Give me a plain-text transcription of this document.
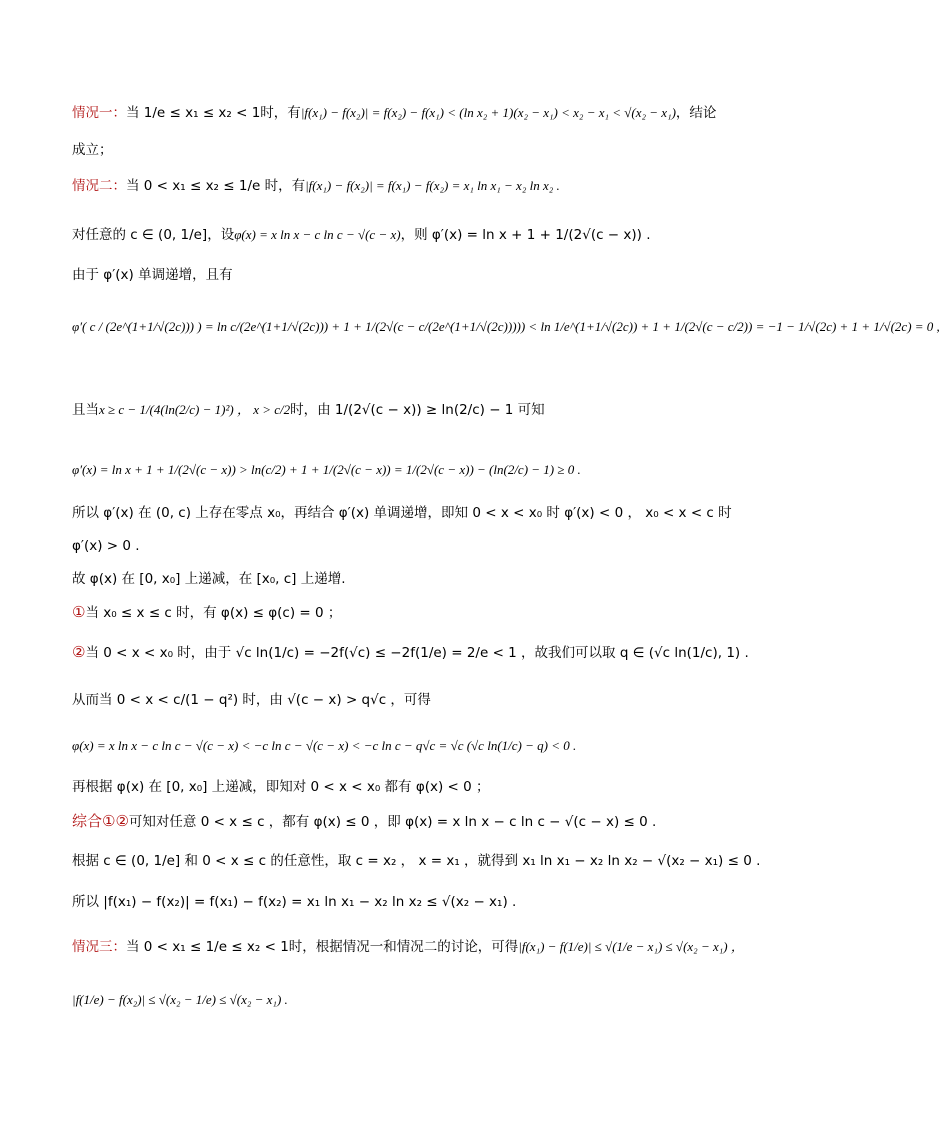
情况一：当 1/e ≤ x₁ ≤ x₂ < 1时，有|f(x₁) − f(x₂)| = f(x₂) − f(x₁) < (ln x₂ + 1)(x₂ − x₁) < x₂ − x₁ < √(x₂ − x₁)，结论
成立；
情况二：当 0 < x₁ ≤ x₂ ≤ 1/e 时，有|f(x₁) − f(x₂)| = f(x₁) − f(x₂) = x₁ ln x₁ − x₂ ln x₂ .
对任意的 c ∈ (0, 1/e]，设φ(x) = x ln x − c ln c − √(c − x)，则 φ′(x) = ln x + 1 + 1/(2√(c − x)) .
由于 φ′(x) 单调递增，且有
φ′( c / (2e^(1+1/√(2c))) ) = ln c/(2e^(1+1/√(2c))) + 1 + 1/(2√(c − c/(2e^(1+1/√(2c))))) < ln 1/e^(1+1/√(2c)) + 1 + 1/(2√(c − c/2)) = −1 − 1/√(2c) + 1 + 1/√(2c) = 0 ,
且当x ≥ c − 1/(4(ln(2/c) − 1)²) ， x > c/2时，由 1/(2√(c − x)) ≥ ln(2/c) − 1 可知
φ′(x) = ln x + 1 + 1/(2√(c − x)) > ln(c/2) + 1 + 1/(2√(c − x)) = 1/(2√(c − x)) − (ln(2/c) − 1) ≥ 0 .
所以 φ′(x) 在 (0, c) 上存在零点 x₀，再结合 φ′(x) 单调递增，即知 0 < x < x₀ 时 φ′(x) < 0 ， x₀ < x < c 时
φ′(x) > 0 .
故 φ(x) 在 [0, x₀] 上递减，在 [x₀, c] 上递增.
①当 x₀ ≤ x ≤ c 时，有 φ(x) ≤ φ(c) = 0 ；
②当 0 < x < x₀ 时，由于 √c ln(1/c) = −2f(√c) ≤ −2f(1/e) = 2/e < 1 ，故我们可以取 q ∈ (√c ln(1/c), 1) .
从而当 0 < x < c/(1 − q²) 时，由 √(c − x) > q√c ，可得
φ(x) = x ln x − c ln c − √(c − x) < −c ln c − √(c − x) < −c ln c − q√c = √c (√c ln(1/c) − q) < 0 .
再根据 φ(x) 在 [0, x₀] 上递减，即知对 0 < x < x₀ 都有 φ(x) < 0 ；
综合①②可知对任意 0 < x ≤ c ，都有 φ(x) ≤ 0 ，即 φ(x) = x ln x − c ln c − √(c − x) ≤ 0 .
根据 c ∈ (0, 1/e] 和 0 < x ≤ c 的任意性，取 c = x₂ ， x = x₁ ，就得到 x₁ ln x₁ − x₂ ln x₂ − √(x₂ − x₁) ≤ 0 .
所以 |f(x₁) − f(x₂)| = f(x₁) − f(x₂) = x₁ ln x₁ − x₂ ln x₂ ≤ √(x₂ − x₁) .
情况三：当 0 < x₁ ≤ 1/e ≤ x₂ < 1时，根据情况一和情况二的讨论，可得|f(x₁) − f(1/e)| ≤ √(1/e − x₁) ≤ √(x₂ − x₁) ，
|f(1/e) − f(x₂)| ≤ √(x₂ − 1/e) ≤ √(x₂ − x₁) .
